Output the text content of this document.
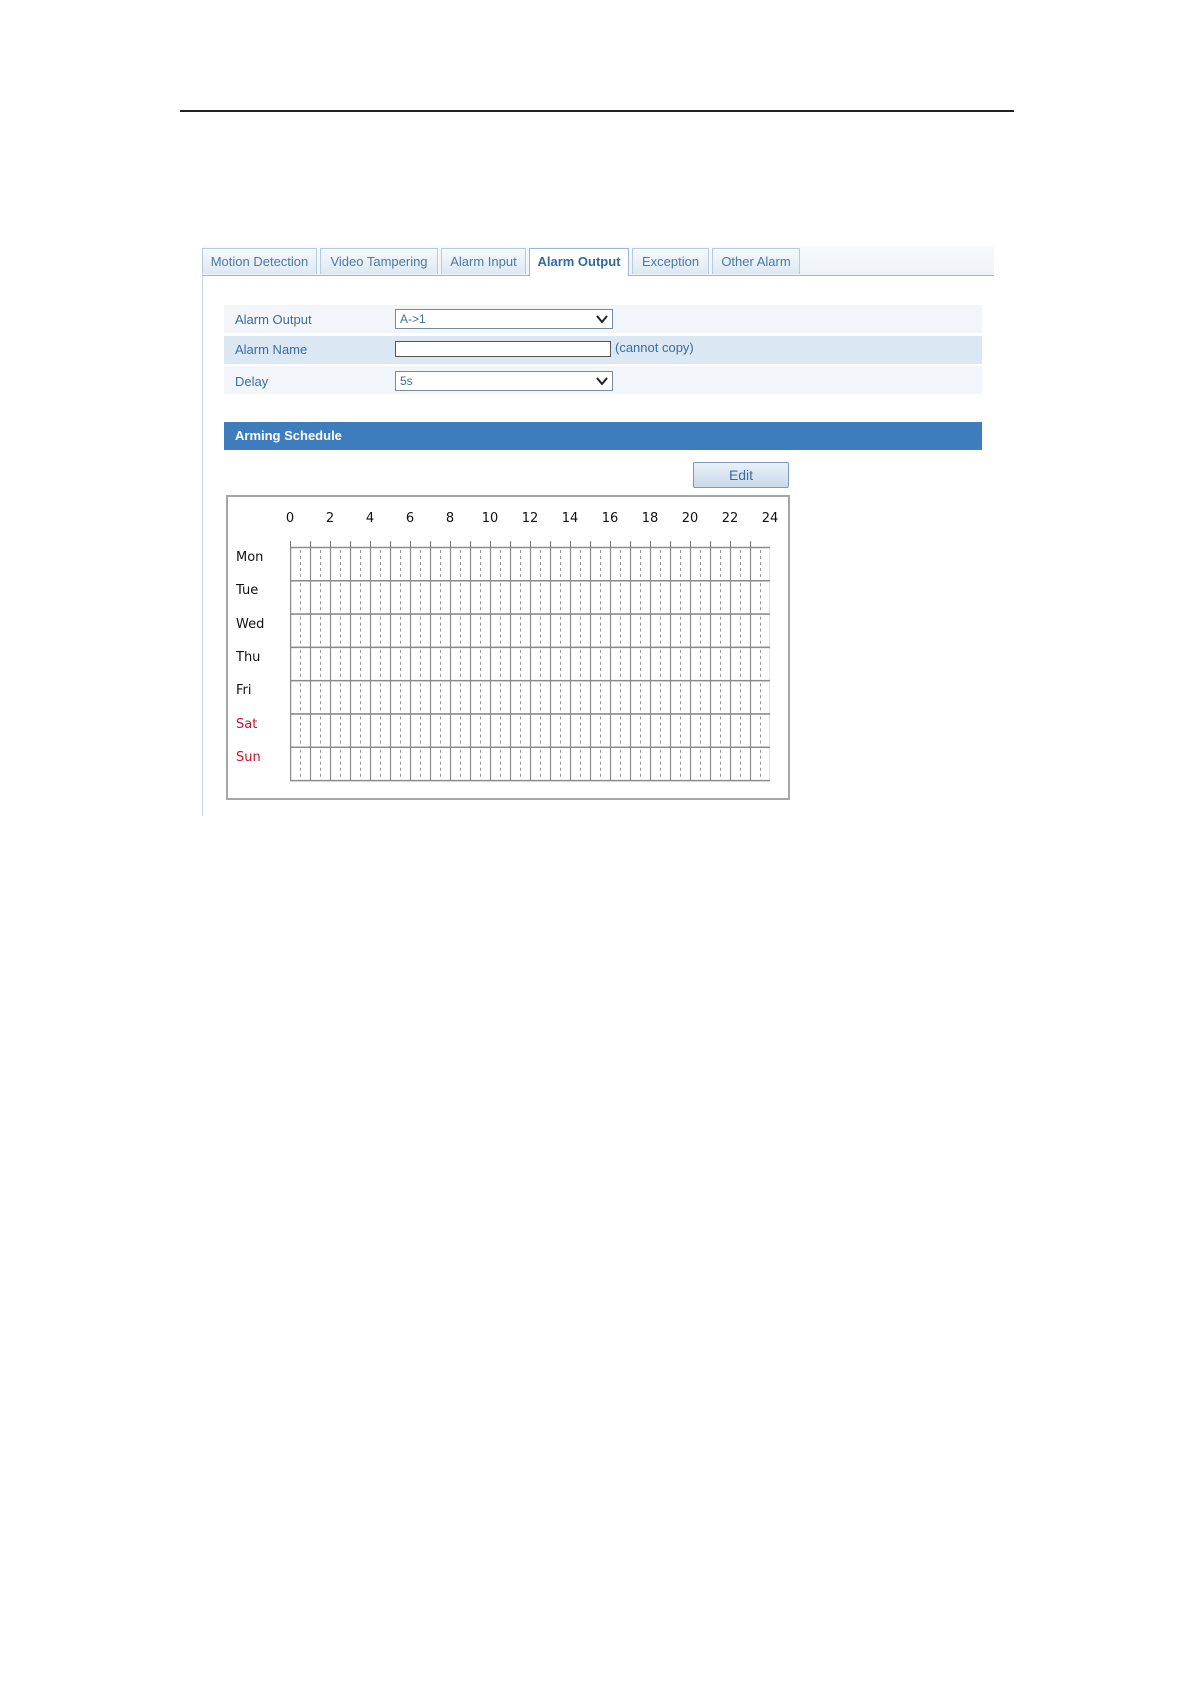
Motion Detection	Video Tampering	Alarm Input	Alarm Output	Exception	Other Alarm
Alarm Output	A->1
Alarm Name	(cannot copy)
Delay	5s
Arming Schedule
Edit
0 2 4 6 8 10 12 14 16 18 20 22 24
Mon
Tue
Wed
Thu
Fri
Sat
Sun
